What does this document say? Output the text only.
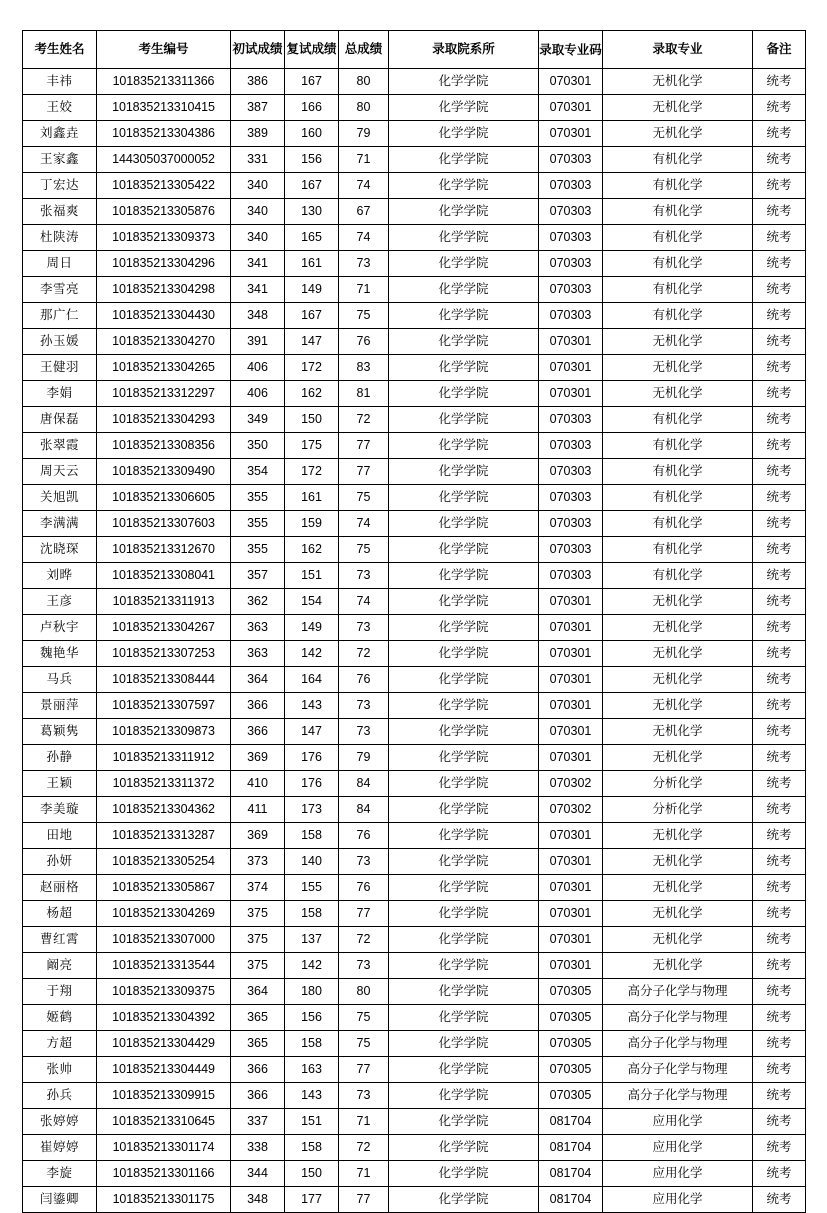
考生姓名	考生编号	初试成绩	复试成绩	总成绩	录取院系所	录取专业码	录取专业	备注
丰祎	101835213311366	386	167	80	化学学院	070301	无机化学	统考
王姣	101835213310415	387	166	80	化学学院	070301	无机化学	统考
刘鑫垚	101835213304386	389	160	79	化学学院	070301	无机化学	统考
王家鑫	144305037000052	331	156	71	化学学院	070303	有机化学	统考
丁宏达	101835213305422	340	167	74	化学学院	070303	有机化学	统考
张福爽	101835213305876	340	130	67	化学学院	070303	有机化学	统考
杜陕涛	101835213309373	340	165	74	化学学院	070303	有机化学	统考
周日	101835213304296	341	161	73	化学学院	070303	有机化学	统考
李雪亮	101835213304298	341	149	71	化学学院	070303	有机化学	统考
那广仁	101835213304430	348	167	75	化学学院	070303	有机化学	统考
孙玉媛	101835213304270	391	147	76	化学学院	070301	无机化学	统考
王健羽	101835213304265	406	172	83	化学学院	070301	无机化学	统考
李娟	101835213312297	406	162	81	化学学院	070301	无机化学	统考
唐保磊	101835213304293	349	150	72	化学学院	070303	有机化学	统考
张翠霞	101835213308356	350	175	77	化学学院	070303	有机化学	统考
周天云	101835213309490	354	172	77	化学学院	070303	有机化学	统考
关旭凯	101835213306605	355	161	75	化学学院	070303	有机化学	统考
李满满	101835213307603	355	159	74	化学学院	070303	有机化学	统考
沈晓琛	101835213312670	355	162	75	化学学院	070303	有机化学	统考
刘晔	101835213308041	357	151	73	化学学院	070303	有机化学	统考
王彦	101835213311913	362	154	74	化学学院	070301	无机化学	统考
卢秋宇	101835213304267	363	149	73	化学学院	070301	无机化学	统考
魏艳华	101835213307253	363	142	72	化学学院	070301	无机化学	统考
马兵	101835213308444	364	164	76	化学学院	070301	无机化学	统考
景丽萍	101835213307597	366	143	73	化学学院	070301	无机化学	统考
葛颖隽	101835213309873	366	147	73	化学学院	070301	无机化学	统考
孙静	101835213311912	369	176	79	化学学院	070301	无机化学	统考
王颖	101835213311372	410	176	84	化学学院	070302	分析化学	统考
李美璇	101835213304362	411	173	84	化学学院	070302	分析化学	统考
田地	101835213313287	369	158	76	化学学院	070301	无机化学	统考
孙妍	101835213305254	373	140	73	化学学院	070301	无机化学	统考
赵丽格	101835213305867	374	155	76	化学学院	070301	无机化学	统考
杨超	101835213304269	375	158	77	化学学院	070301	无机化学	统考
曹红霄	101835213307000	375	137	72	化学学院	070301	无机化学	统考
阚亮	101835213313544	375	142	73	化学学院	070301	无机化学	统考
于翔	101835213309375	364	180	80	化学学院	070305	高分子化学与物理	统考
姬鹤	101835213304392	365	156	75	化学学院	070305	高分子化学与物理	统考
方超	101835213304429	365	158	75	化学学院	070305	高分子化学与物理	统考
张帅	101835213304449	366	163	77	化学学院	070305	高分子化学与物理	统考
孙兵	101835213309915	366	143	73	化学学院	070305	高分子化学与物理	统考
张婷婷	101835213310645	337	151	71	化学学院	081704	应用化学	统考
崔婷婷	101835213301174	338	158	72	化学学院	081704	应用化学	统考
李旋	101835213301166	344	150	71	化学学院	081704	应用化学	统考
闫鎏卿	101835213301175	348	177	77	化学学院	081704	应用化学	统考
